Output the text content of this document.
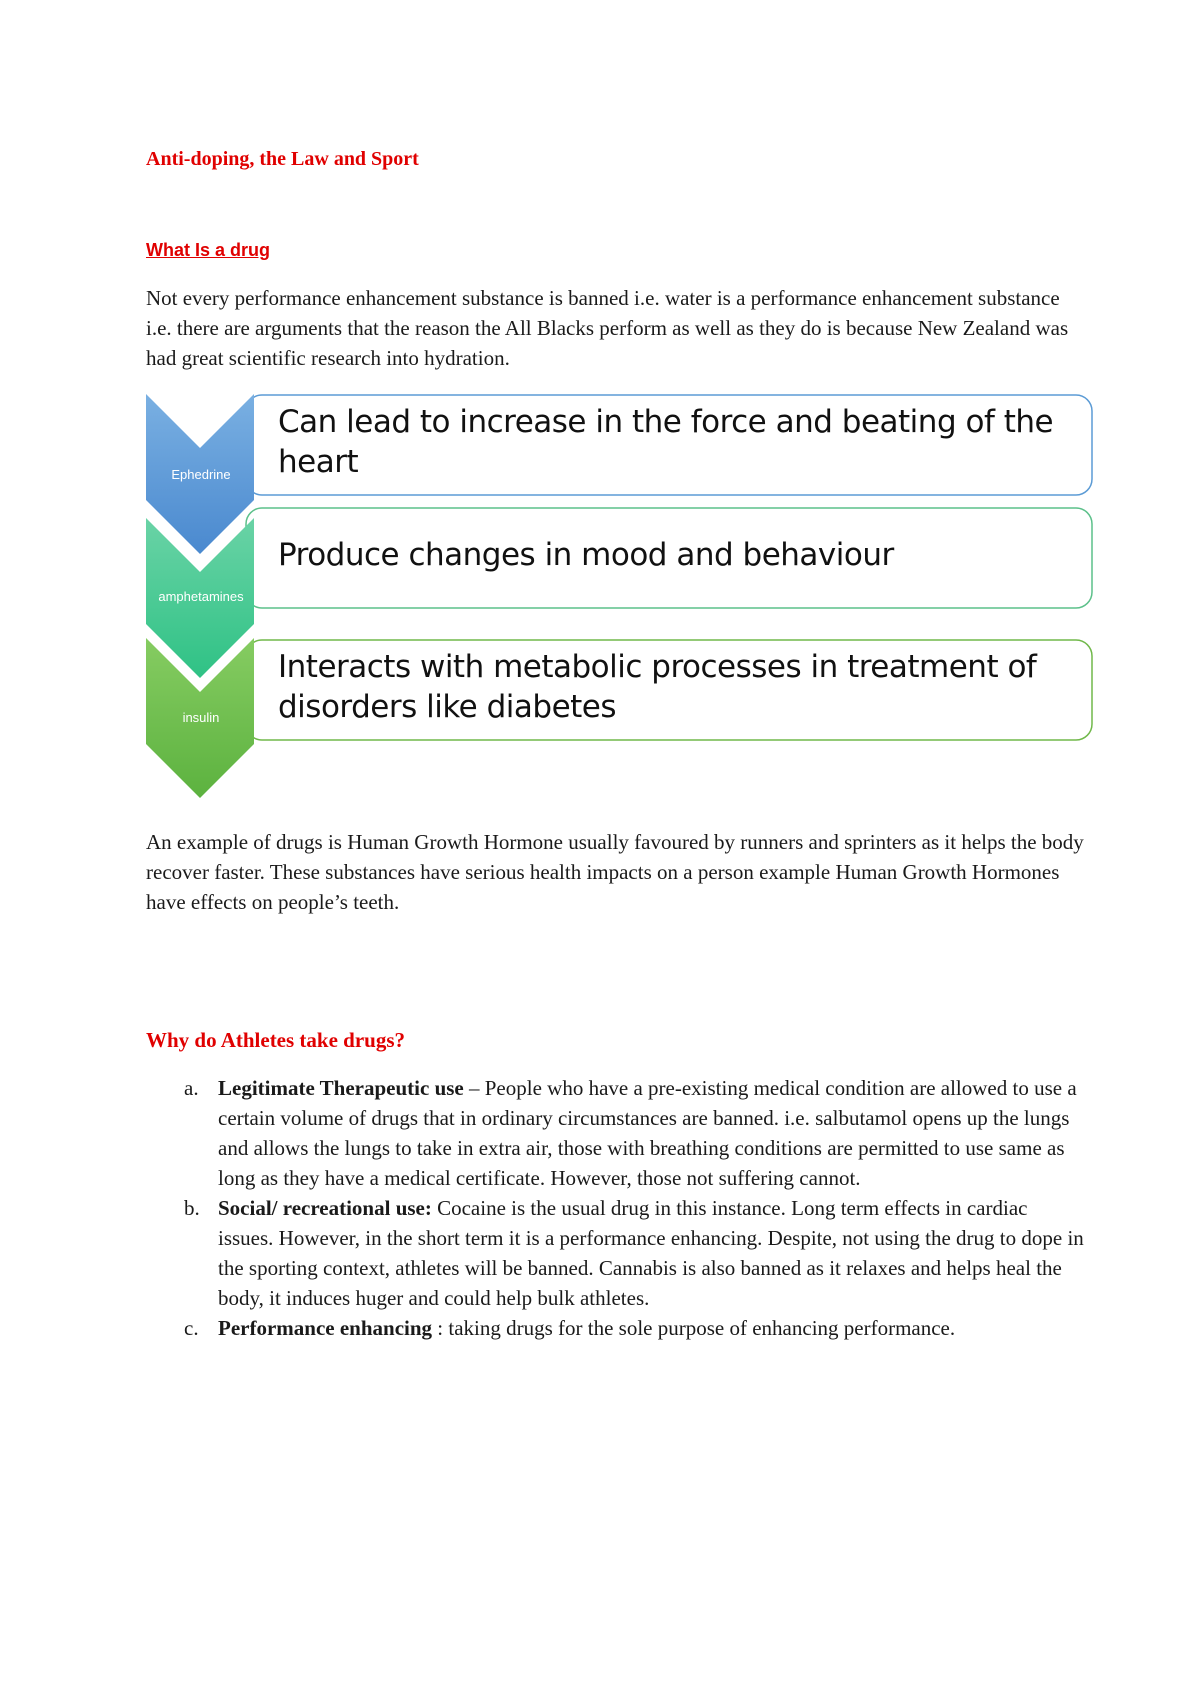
Anti-doping, the Law and Sport
What Is a drug

Not every performance enhancement substance is banned i.e. water is a performance enhancement substance i.e. there are arguments that the reason the All Blacks perform as well as they do is because New Zealand was had great scientific research into hydration.

Ephedrine
amphetamines
insulin
Can lead to increase in the force and beating of the heart
Produce changes in mood and behaviour
Interacts with metabolic processes in treatment of disorders like diabetes

An example of drugs is Human Growth Hormone usually favoured by runners and sprinters as it helps the body recover faster. These substances have serious health impacts on a person example Human Growth Hormones have effects on people’s teeth.

Why do Athletes take drugs?
a. Legitimate Therapeutic use – People who have a pre-existing medical condition are allowed to use a certain volume of drugs that in ordinary circumstances are banned. i.e. salbutamol opens up the lungs and allows the lungs to take in extra air, those with breathing conditions are permitted to use same as long as they have a medical certificate. However, those not suffering cannot.
b. Social/ recreational use: Cocaine is the usual drug in this instance. Long term effects in cardiac issues. However, in the short term it is a performance enhancing. Despite, not using the drug to dope in the sporting context, athletes will be banned. Cannabis is also banned as it relaxes and helps heal the body, it induces huger and could help bulk athletes.
c. Performance enhancing : taking drugs for the sole purpose of enhancing performance.
